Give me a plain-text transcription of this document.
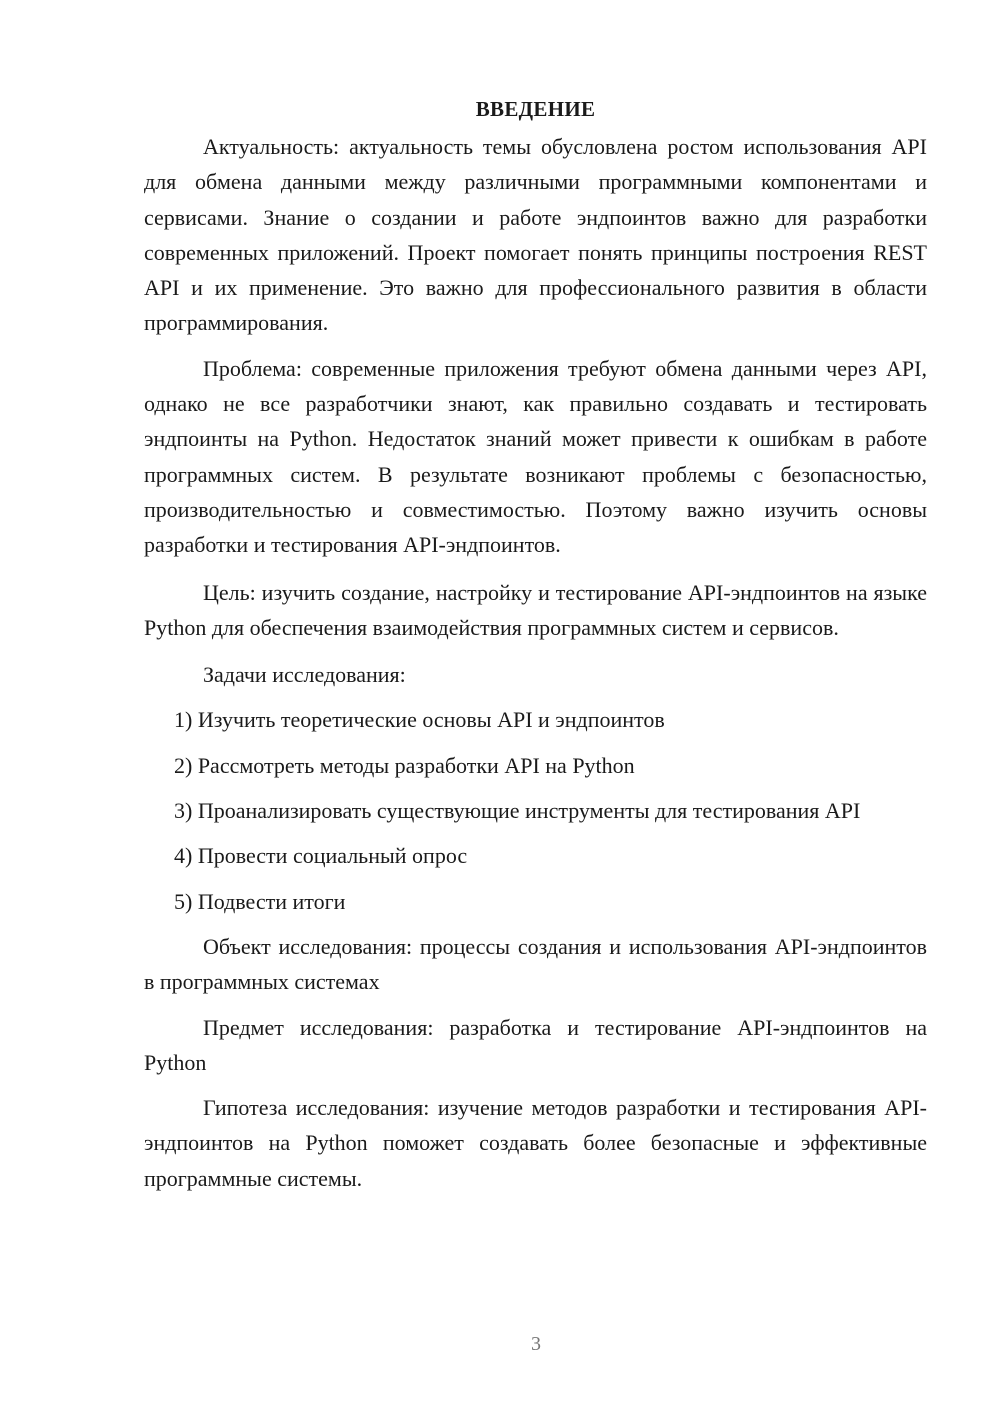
ВВЕДЕНИЕ

Актуальность: актуальность темы обусловлена ростом использования API для обмена данными между различными программными компонентами и сервисами. Знание о создании и работе эндпоинтов важно для разработки современных приложений. Проект помогает понять принципы построения REST API и их применение. Это важно для профессионального развития в области программирования.

Проблема: современные приложения требуют обмена данными через API, однако не все разработчики знают, как правильно создавать и тестировать эндпоинты на Python. Недостаток знаний может привести к ошибкам в работе программных систем. В результате возникают проблемы с безопасностью, производительностью и совместимостью. Поэтому важно изучить основы разработки и тестирования API-эндпоинтов.

Цель: изучить создание, настройку и тестирование API-эндпоинтов на языке Python для обеспечения взаимодействия программных систем и сервисов.

Задачи исследования:

1) Изучить теоретические основы API и эндпоинтов

2) Рассмотреть методы разработки API на Python

3) Проанализировать существующие инструменты для тестирования API

4) Провести социальный опрос

5) Подвести итоги

Объект исследования: процессы создания и использования API-эндпоинтов в программных системах

Предмет исследования: разработка и тестирование API-эндпоинтов на Python

Гипотеза исследования: изучение методов разработки и тестирования API-эндпоинтов на Python поможет создавать более безопасные и эффективные программные системы.

3
